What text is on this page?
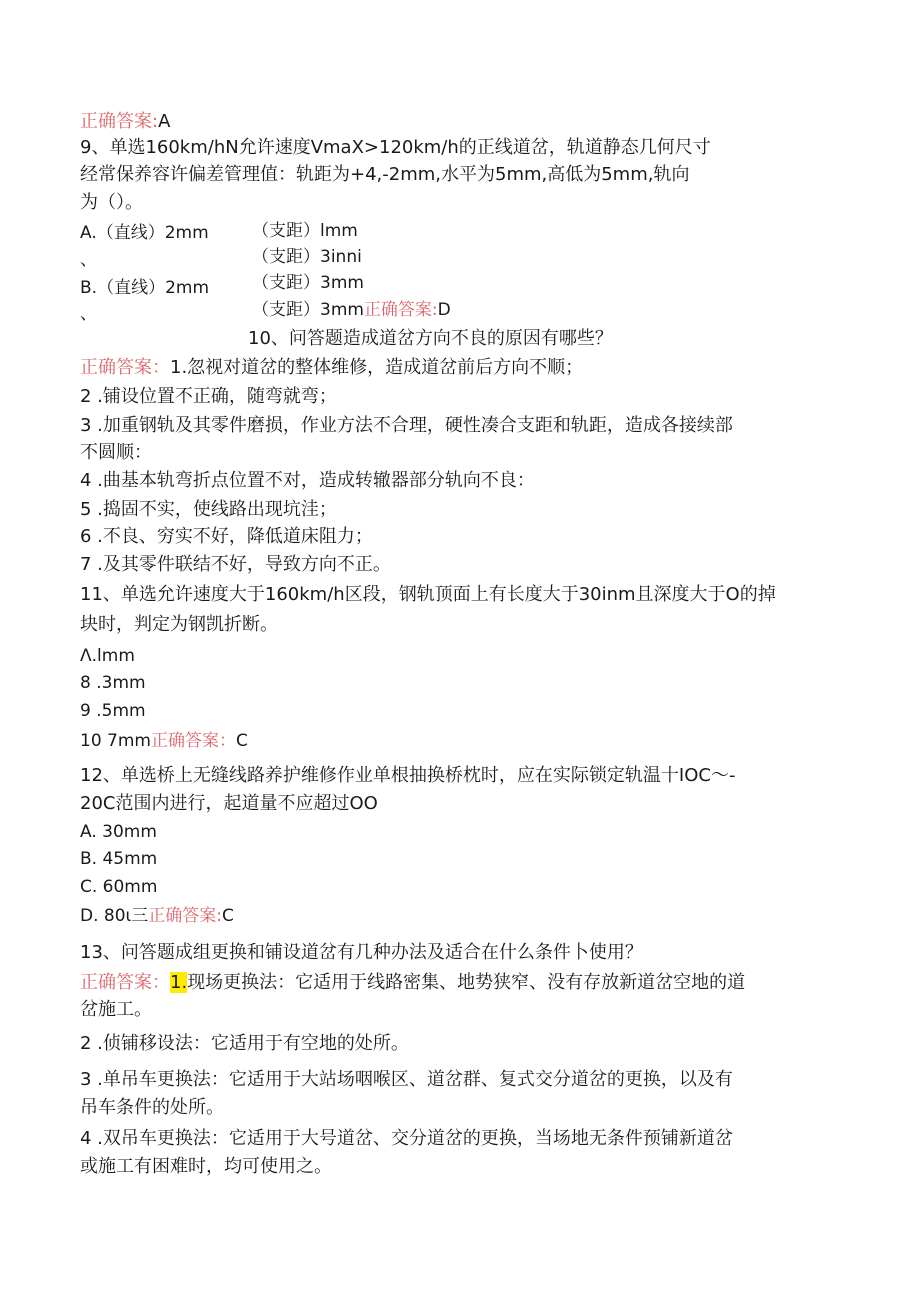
正确答案:A
9、单选160km/hN允许速度VmaX>120km/h的正线道岔，轨道静态几何尺寸
经常保养容许偏差管理值：轨距为+4,-2mm,水平为5mm,高低为5mm,轨向
为（）。
A.（直线）2mm
、
B.（直线）2mm
、
（支距）lmm
（支距）3inni
（支距）3mm
（支距）3mm正确答案:D
10、问答题造成道岔方向不良的原因有哪些？
正确答案：1.忽视对道岔的整体维修，造成道岔前后方向不顺；
2 .铺设位置不正确，随弯就弯；
3 .加重钢轨及其零件磨损，作业方法不合理，硬性凑合支距和轨距，造成各接续部
不圆顺：
4 .曲基本轨弯折点位置不对，造成转辙器部分轨向不良：
5 .捣固不实，使线路出现坑洼；
6 .不良、穷实不好，降低道床阻力；
7 .及其零件联结不好，导致方向不正。
11、单选允许速度大于160km/h区段，钢轨顶面上有长度大于30inm且深度大于O的掉
块时，判定为钢凯折断。
Λ.lmm
8 .3mm
9 .5mm
10 7mm正确答案：C
12、单选桥上无缝线路养护维修作业单根抽换桥枕时，应在实际锁定轨温十IOC～-
20C范围内进行，起道量不应超过OO
A. 30mm
B. 45mm
C. 60mm
D. 80ι三正确答案:C
13、问答题成组更换和铺设道岔有几种办法及适合在什么条件卜使用？
正确答案：1.现场更换法：它适用于线路密集、地势狭窄、没有存放新道岔空地的道
岔施工。
2 .侦铺移设法：它适用于有空地的处所。
3 .单吊车更换法：它适用于大站场咽喉区、道岔群、复式交分道岔的更换，以及有
吊车条件的处所。
4 .双吊车更换法：它适用于大号道岔、交分道岔的更换，当场地无条件预铺新道岔
或施工有困难时，均可使用之。
